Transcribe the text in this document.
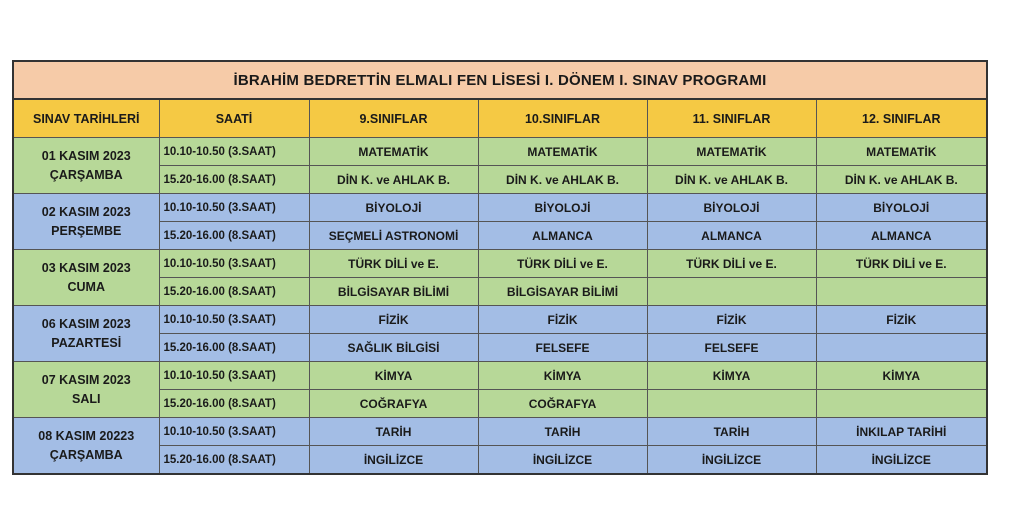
İBRAHİM BEDRETTİN ELMALI FEN LİSESİ I. DÖNEM I. SINAV PROGRAMI					
SINAV TARİHLERİ	SAATİ	9.SINIFLAR	10.SINIFLAR	11. SINIFLAR	12. SINIFLAR

01 KASIM 2023
ÇARŞAMBA	10.10-10.50 (3.SAAT)	MATEMATİK	MATEMATİK	MATEMATİK	MATEMATİK
	15.20-16.00 (8.SAAT)	DİN K. ve AHLAK B.	DİN K. ve AHLAK B.	DİN K. ve AHLAK B.	DİN K. ve AHLAK B.

02 KASIM 2023
PERŞEMBE	10.10-10.50 (3.SAAT)	BİYOLOJİ	BİYOLOJİ	BİYOLOJİ	BİYOLOJİ
	15.20-16.00 (8.SAAT)	SEÇMELİ ASTRONOMİ	ALMANCA	ALMANCA	ALMANCA

03 KASIM 2023
CUMA	10.10-10.50 (3.SAAT)	TÜRK DİLİ ve E.	TÜRK DİLİ ve E.	TÜRK DİLİ ve E.	TÜRK DİLİ ve E.
	15.20-16.00 (8.SAAT)	BİLGİSAYAR BİLİMİ	BİLGİSAYAR BİLİMİ		

06 KASIM 2023
PAZARTESİ	10.10-10.50 (3.SAAT)	FİZİK	FİZİK	FİZİK	FİZİK
	15.20-16.00 (8.SAAT)	SAĞLIK BİLGİSİ	FELSEFE	FELSEFE	

07 KASIM 2023
SALI	10.10-10.50 (3.SAAT)	KİMYA	KİMYA	KİMYA	KİMYA
	15.20-16.00 (8.SAAT)	COĞRAFYA	COĞRAFYA		

08 KASIM 20223
ÇARŞAMBA	10.10-10.50 (3.SAAT)	TARİH	TARİH	TARİH	İNKILAP TARİHİ
	15.20-16.00 (8.SAAT)	İNGİLİZCE	İNGİLİZCE	İNGİLİZCE	İNGİLİZCE
